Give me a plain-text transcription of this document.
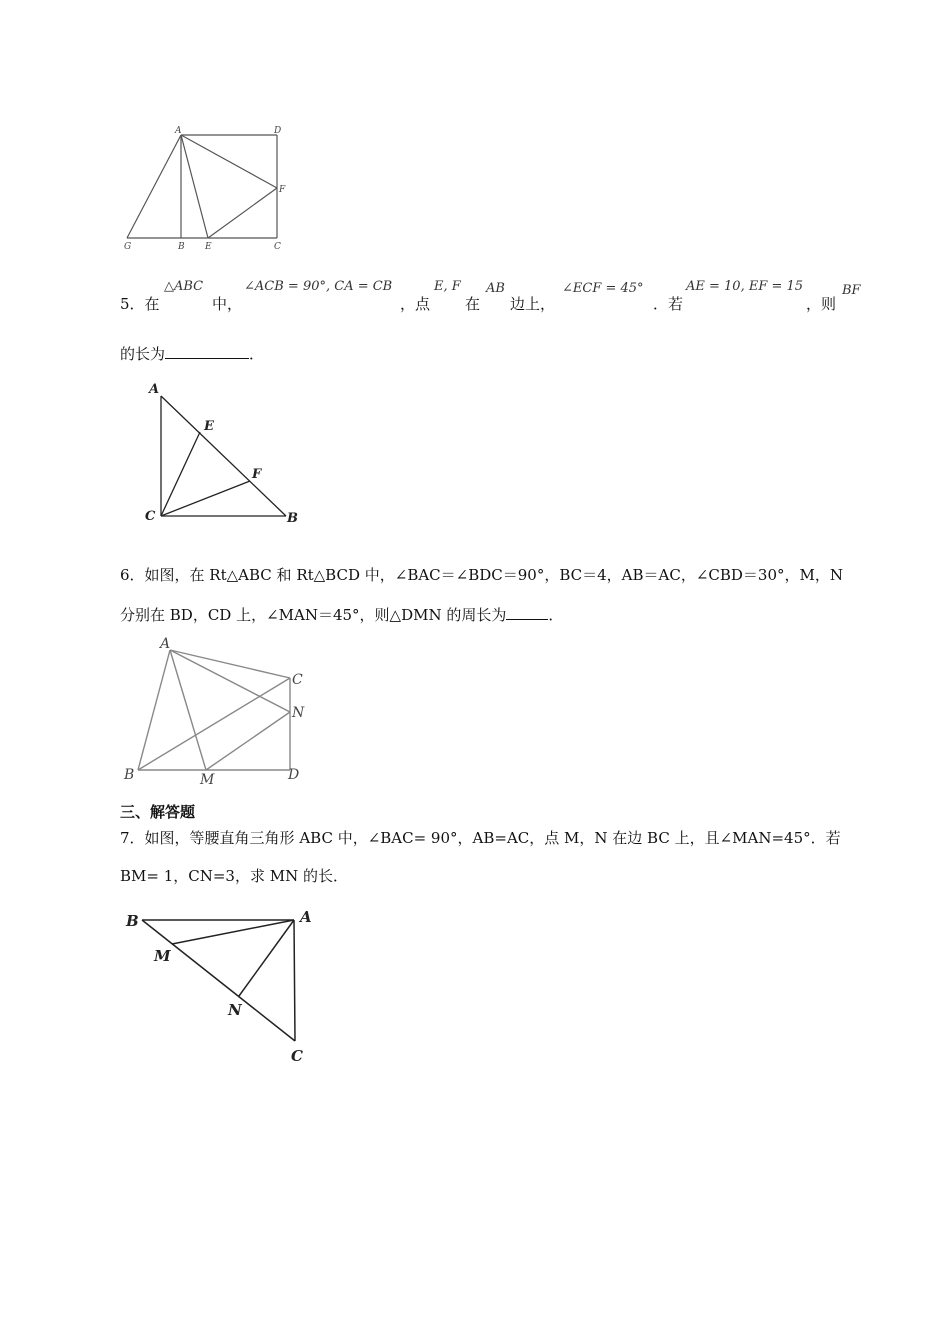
A	D
F
G	B E	C
5．在
△ABC
中，
∠ACB = 90°, CA = CB
，点
E, F
在
AB
边上，
∠ECF = 45°
．若
AE = 10, EF = 15
，则
BF
的长为	．
A
E
F
C	B
6．如图，在 Rt△ABC 和 Rt△BCD 中，∠BAC＝∠BDC＝90°，BC＝4，AB＝AC，∠CBD＝30°，M，N
分别在 BD，CD 上，∠MAN＝45°，则△DMN 的周长为	．
A
C
N
B	M	D
三、解答题
7．如图，等腰直角三角形 ABC 中，∠BAC= 90°，AB=AC，点 M，N 在边 BC 上，且∠MAN=45°．若
BM= 1，CN=3，求 MN 的长．
B	A
M
N
C
